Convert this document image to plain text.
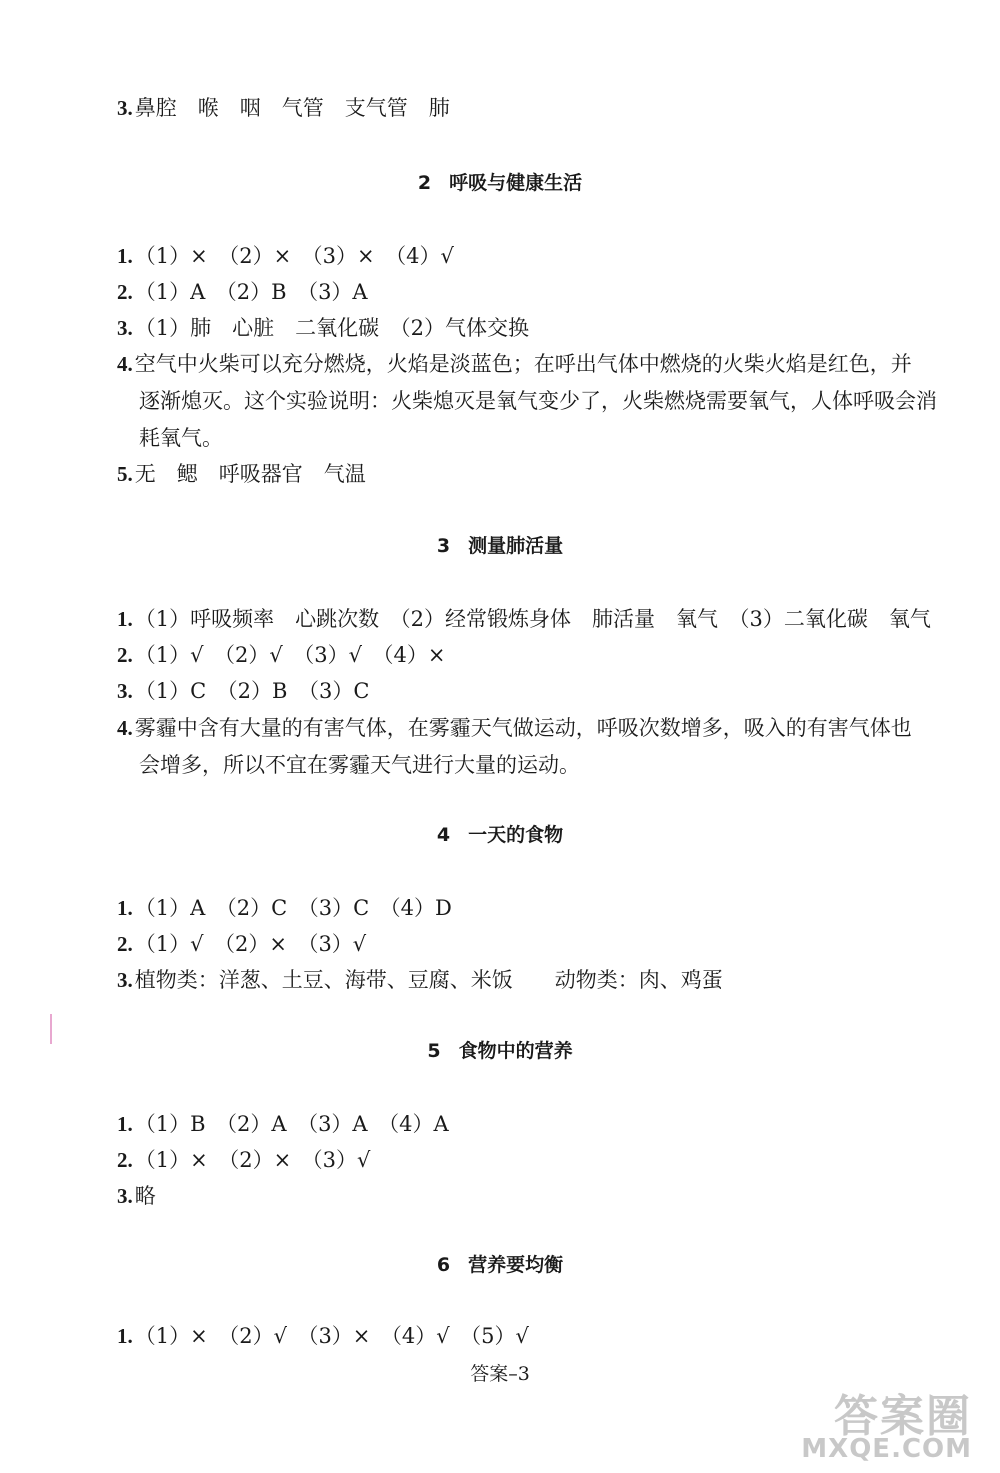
3.鼻腔　喉　咽　气管　支气管　肺
2 呼吸与健康生活
1.（1）×　（2）×　（3）×　（4）√
2.（1）A　（2）B　（3）A
3.（1）肺　心脏　二氧化碳　（2）气体交换
4.空气中火柴可以充分燃烧，火焰是淡蓝色；在呼出气体中燃烧的火柴火焰是红色，并
逐渐熄灭。这个实验说明：火柴熄灭是氧气变少了，火柴燃烧需要氧气，人体呼吸会消
耗氧气。
5.无　鳃　呼吸器官　气温
3 测量肺活量
1.（1）呼吸频率　心跳次数　（2）经常锻炼身体　肺活量　氧气　（3）二氧化碳　氧气
2.（1）√　（2）√　（3）√　（4）×
3.（1）C　（2）B　（3）C
4.雾霾中含有大量的有害气体，在雾霾天气做运动，呼吸次数增多，吸入的有害气体也
会增多，所以不宜在雾霾天气进行大量的运动。
4 一天的食物
1.（1）A　（2）C　（3）C　（4）D
2.（1）√　（2）×　（3）√
3.植物类：洋葱、土豆、海带、豆腐、米饭　　动物类：肉、鸡蛋
5 食物中的营养
1.（1）B　（2）A　（3）A　（4）A
2.（1）×　（2）×　（3）√
3.略
6 营养要均衡
1.（1）×　（2）√　（3）×　（4）√　（5）√
答案–3
答案圈
MXQE.COM
